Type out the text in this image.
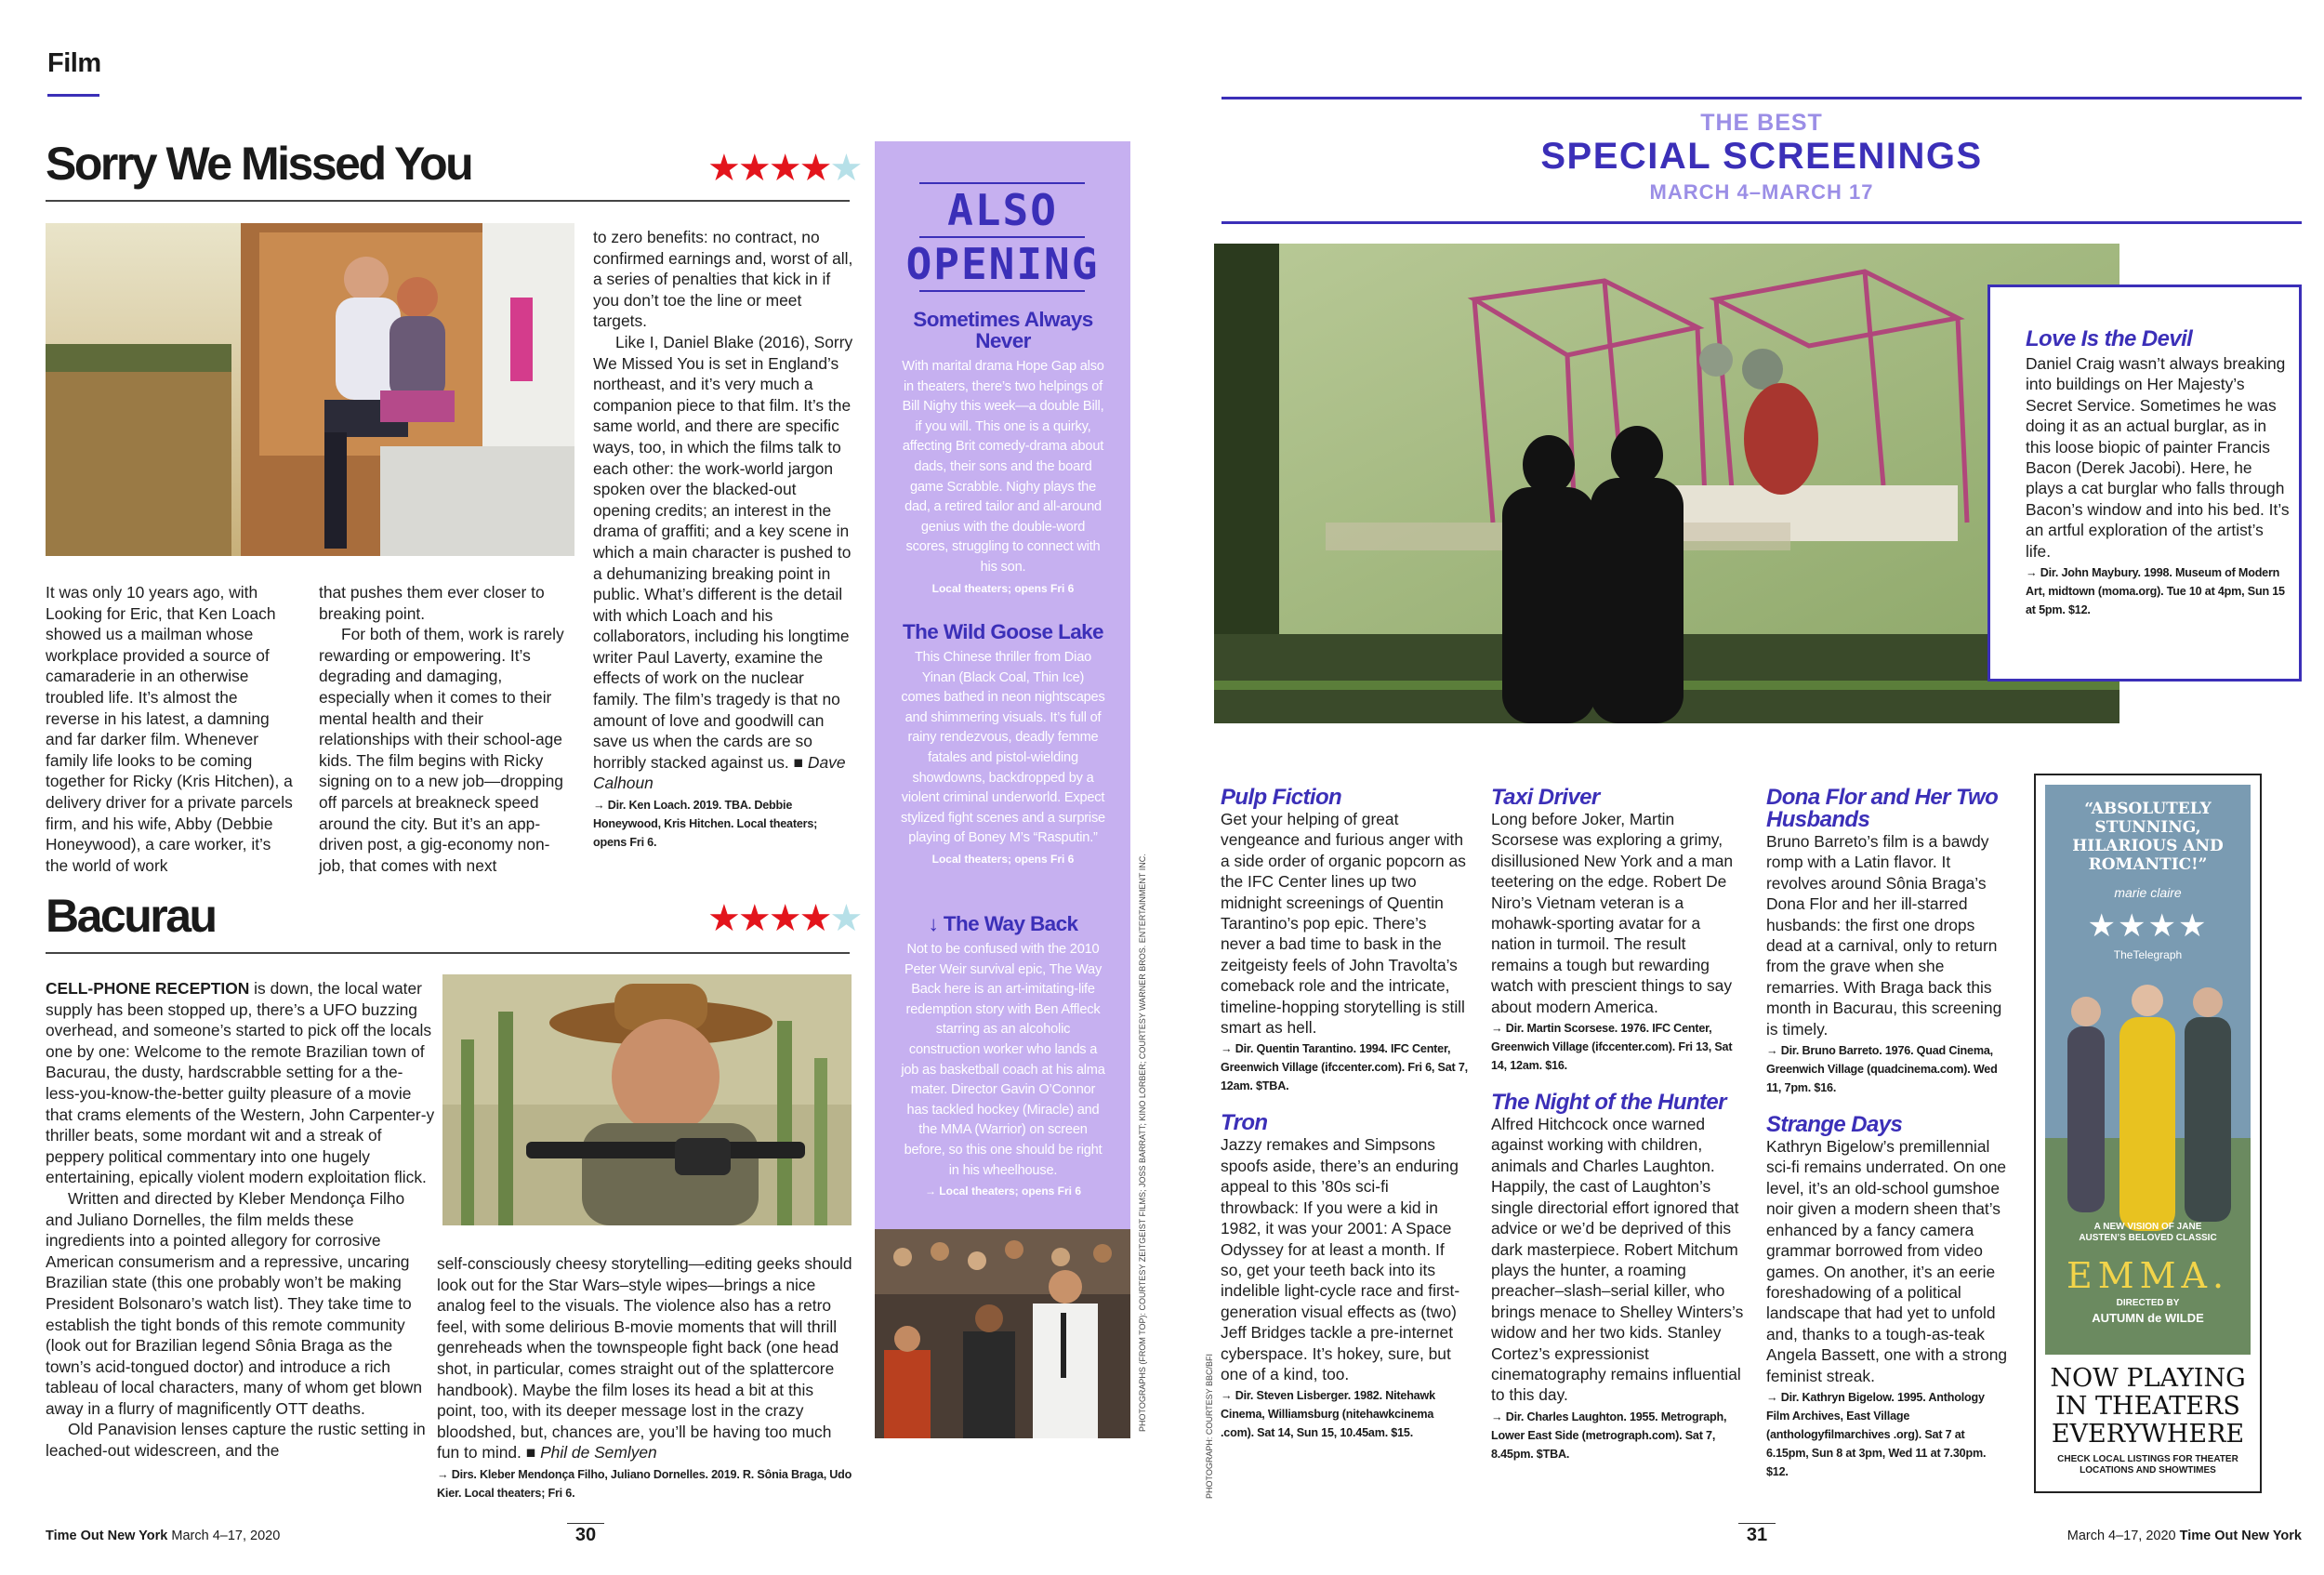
Film
Sorry We Missed You	★★★★★

It was only 10 years ago, with Looking for Eric, that Ken Loach showed us a mailman whose workplace provided a source of camaraderie in an otherwise troubled life. It’s almost the reverse in his latest, a damning and far darker film. Whenever family life looks to be coming together for Ricky (Kris Hitchen), a delivery driver for a private parcels firm, and his wife, Abby (Debbie Honeywood), a care worker, it’s the world of work

that pushes them ever closer to breaking point.

For both of them, work is rarely rewarding or empowering. It’s degrading and damaging, especially when it comes to their mental health and their relationships with their school-age kids. The film begins with Ricky signing on to a new job—dropping off parcels at breakneck speed around the city. But it’s an app-driven post, a gig-economy non-job, that comes with next

to zero benefits: no contract, no confirmed earnings and, worst of all, a series of penalties that kick in if you don’t toe the line or meet targets.

Like I, Daniel Blake (2016), Sorry We Missed You is set in England’s northeast, and it’s very much a companion piece to that film. It’s the same world, and there are specific ways, too, in which the films talk to each other: the work-world jargon spoken over the blacked-out opening credits; an interest in the drama of graffiti; and a key scene in which a main character is pushed to a dehumanizing breaking point in public. What’s different is the detail with which Loach and his collaborators, including his longtime writer Paul Laverty, examine the effects of work on the nuclear family. The film’s tragedy is that no amount of love and goodwill can save us when the cards are so horribly stacked against us. ■ Dave Calhoun

→ Dir. Ken Loach. 2019. TBA. Debbie Honeywood, Kris Hitchen. Local theaters; opens Fri 6.
Bacurau	★★★★★

CELL-PHONE RECEPTION is down, the local water supply has been stopped up, there’s a UFO buzzing overhead, and someone’s started to pick off the locals one by one: Welcome to the remote Brazilian town of Bacurau, the dusty, hardscrabble setting for a the-less-you-know-the-better guilty pleasure of a movie that crams elements of the Western, John Carpenter-y thriller beats, some mordant wit and a streak of peppery political commentary into one hugely entertaining, epically violent modern exploitation flick.

Written and directed by Kleber Mendonça Filho and Juliano Dornelles, the film melds these ingredients into a pointed allegory for corrosive American consumerism and a repressive, uncaring Brazilian state (this one probably won’t be making President Bolsonaro’s watch list). They take time to establish the tight bonds of this remote community (look out for Brazilian legend Sônia Braga as the town’s acid-tongued doctor) and introduce a rich tableau of local characters, many of whom get blown away in a flurry of magnificently OTT deaths.

Old Panavision lenses capture the rustic setting in leached-out widescreen, and the

self-consciously cheesy storytelling—editing geeks should look out for the Star Wars–style wipes—brings a nice analog feel to the visuals. The violence also has a retro feel, with some delirious B-movie moments that will thrill genreheads when the townspeople fight back (one head shot, in particular, comes straight out of the splattercore handbook). Maybe the film loses its head a bit at this point, too, with its deeper message lost in the crazy bloodshed, but, chances are, you’ll be having too much fun to mind. ■ Phil de Semlyen

→ Dirs. Kleber Mendonça Filho, Juliano Dornelles. 2019. R. Sônia Braga, Udo Kier. Local theaters; Fri 6.
ALSO
OPENING
Sometimes Always Never
With marital drama Hope Gap also in theaters, there’s two helpings of Bill Nighy this week—a double Bill, if you will. This one is a quirky, affecting Brit comedy-drama about dads, their sons and the board game Scrabble. Nighy plays the dad, a retired tailor and all-around genius with the double-word scores, struggling to connect with his son.
Local theaters; opens Fri 6
The Wild Goose Lake
This Chinese thriller from Diao Yinan (Black Coal, Thin Ice) comes bathed in neon nightscapes and shimmering visuals. It’s full of rainy rendezvous, deadly femme fatales and pistol-wielding showdowns, backdropped by a violent criminal underworld. Expect stylized fight scenes and a surprise playing of Boney M’s “Rasputin.”
Local theaters; opens Fri 6
↓ The Way Back
Not to be confused with the 2010 Peter Weir survival epic, The Way Back here is an art-imitating-life redemption story with Ben Affleck starring as an alcoholic construction worker who lands a job as basketball coach at his alma mater. Director Gavin O’Connor has tackled hockey (Miracle) and the MMA (Warrior) on screen before, so this one should be right in his wheelhouse.
→ Local theaters; opens Fri 6	PHOTOGRAPHS (FROM TOP): COURTESY ZEITGEIST FILMS; JOSS BARRATT; KINO LORBER; COURTESY WARNER BROS. ENTERTAINMENT INC.
Time Out New York March 4–17, 2020	30
THE BEST
SPECIAL SCREENINGS
MARCH 4–MARCH 17
Love Is the Devil
Daniel Craig wasn’t always breaking into buildings on Her Majesty’s Secret Service. Sometimes he was doing it as an actual burglar, as in this loose biopic of painter Francis Bacon (Derek Jacobi). Here, he plays a cat burglar who falls through Bacon’s window and into his bed. It’s an artful exploration of the artist’s life.
→ Dir. John Maybury. 1998. Museum of Modern Art, midtown (moma.org). Tue 10 at 4pm, Sun 15 at 5pm. $12.
Pulp Fiction
Get your helping of great vengeance and furious anger with a side order of organic popcorn as the IFC Center lines up two midnight screenings of Quentin Tarantino’s pop epic. There’s never a bad time to bask in the zeitgeisty feels of John Travolta’s comeback role and the intricate, timeline-hopping storytelling is still smart as hell.
→ Dir. Quentin Tarantino. 1994. IFC Center, Greenwich Village (ifccenter.com). Fri 6, Sat 7, 12am. $TBA.
Tron
Jazzy remakes and Simpsons spoofs aside, there’s an enduring appeal to this ’80s sci-fi throwback: If you were a kid in 1982, it was your 2001: A Space Odyssey for at least a month. If so, get your teeth back into its indelible light-cycle race and first-generation visual effects as (two) Jeff Bridges tackle a pre-internet cyberspace. It’s hokey, sure, but one of a kind, too.
→ Dir. Steven Lisberger. 1982. Nitehawk Cinema, Williamsburg (nitehawkcinema .com). Sat 14, Sun 15, 10.45am. $15.
Taxi Driver
Long before Joker, Martin Scorsese was exploring a grimy, disillusioned New York and a man teetering on the edge. Robert De Niro’s Vietnam veteran is a mohawk-sporting avatar for a nation in turmoil. The result remains a tough but rewarding watch with prescient things to say about modern America.
→ Dir. Martin Scorsese. 1976. IFC Center, Greenwich Village (ifccenter.com). Fri 13, Sat 14, 12am. $16.
The Night of the Hunter
Alfred Hitchcock once warned against working with children, animals and Charles Laughton. Happily, the cast of Laughton’s single directorial effort ignored that advice or we’d be deprived of this dark masterpiece. Robert Mitchum plays the hunter, a roaming preacher–slash–serial killer, who brings menace to Shelley Winters’s widow and her two kids. Stanley Cortez’s expressionist cinematography remains influential to this day.
→ Dir. Charles Laughton. 1955. Metrograph, Lower East Side (metrograph.com). Sat 7, 8.45pm. $TBA.
Dona Flor and Her Two Husbands
Bruno Barreto’s film is a bawdy romp with a Latin flavor. It revolves around Sônia Braga’s Dona Flor and her ill-starred husbands: the first one drops dead at a carnival, only to return from the grave when she remarries. With Braga back this month in Bacurau, this screening is timely.
→ Dir. Bruno Barreto. 1976. Quad Cinema, Greenwich Village (quadcinema.com). Wed 11, 7pm. $16.
Strange Days
Kathryn Bigelow’s premillennial sci-fi remains underrated. On one level, it’s an old-school gumshoe noir given a modern sheen that’s enhanced by a fancy camera grammar borrowed from video games. On another, it’s an eerie foreshadowing of a political landscape that had yet to unfold and, thanks to a tough-as-teak Angela Bassett, one with a strong feminist streak.
→ Dir. Kathryn Bigelow. 1995. Anthology Film Archives, East Village (anthologyfilmarchives .org). Sat 7 at 6.15pm, Sun 8 at 3pm, Wed 11 at 7.30pm. $12.
“ABSOLUTELY STUNNING, HILARIOUS AND ROMANTIC!”
marie claire
★★★★
TheTelegraph
A NEW VISION OF JANE AUSTEN’S BELOVED CLASSIC
EMMA.
DIRECTED BY
AUTUMN de WILDE
NOW PLAYING IN THEATERS EVERYWHERE
CHECK LOCAL LISTINGS FOR THEATER LOCATIONS AND SHOWTIMES
PHOTOGRAPH: COURTESY BBC/BFI
31	March 4–17, 2020 Time Out New York
